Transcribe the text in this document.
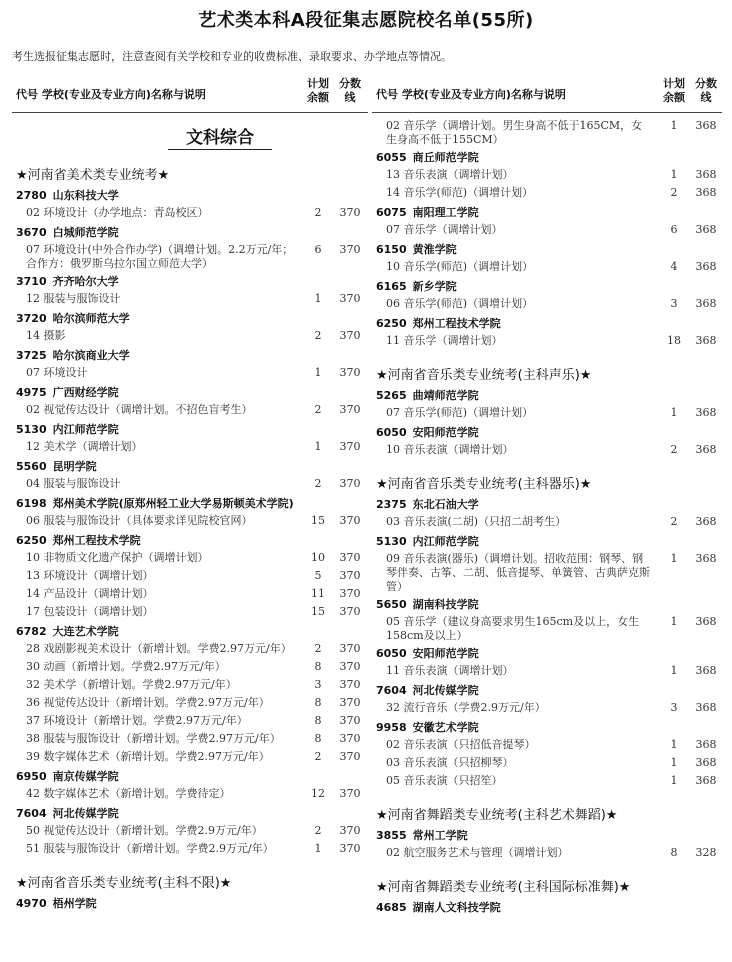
艺术类本科A段征集志愿院校名单(55所)
考生选报征集志愿时，注意查阅有关学校和专业的收费标准、录取要求、办学地点等情况。
代号 学校(专业及专业方向)名称与说明
计划
余额
分数
线
文科综合
★河南省美术类专业统考★
2780 山东科技大学
02 环境设计（办学地点：青岛校区）	2	370
3670 白城师范学院
07 环境设计(中外合作办学)（调增计划。2.2万元/年；合作方：俄罗斯乌拉尔国立师范大学）
6	370
3710 齐齐哈尔大学
12 服装与服饰设计	1	370
3720 哈尔滨师范大学
14 摄影	2	370
3725 哈尔滨商业大学
07 环境设计	1	370
4975 广西财经学院
02 视觉传达设计（调增计划。不招色盲考生）	2	370
5130 内江师范学院
12 美术学（调增计划）	1	370
5560 昆明学院
04 服装与服饰设计	2	370
6198 郑州美术学院(原郑州轻工业大学易斯顿美术学院)
06 服装与服饰设计（具体要求详见院校官网）	15	370
6250 郑州工程技术学院
10 非物质文化遗产保护（调增计划）	10	370
13 环境设计（调增计划）	5	370
14 产品设计（调增计划）	11	370
17 包装设计（调增计划）	15	370
6782 大连艺术学院
28 戏剧影视美术设计（新增计划。学费2.97万元/年）	2	370
30 动画（新增计划。学费2.97万元/年）	8	370
32 美术学（新增计划。学费2.97万元/年）	3	370
36 视觉传达设计（新增计划。学费2.97万元/年）	8	370
37 环境设计（新增计划。学费2.97万元/年）	8	370
38 服装与服饰设计（新增计划。学费2.97万元/年）	8	370
39 数字媒体艺术（新增计划。学费2.97万元/年）	2	370
6950 南京传媒学院
42 数字媒体艺术（新增计划。学费待定）	12	370
7604 河北传媒学院
50 视觉传达设计（新增计划。学费2.9万元/年）	2	370
51 服装与服饰设计（新增计划。学费2.9万元/年）	1	370
★河南省音乐类专业统考(主科不限)★
4970 梧州学院
代号 学校(专业及专业方向)名称与说明
计划
余额
分数
线
02 音乐学（调增计划。男生身高不低于165CM，女生身高不低于155CM）
1	368
6055 商丘师范学院
13 音乐表演（调增计划）	1	368
14 音乐学(师范)（调增计划）	2	368
6075 南阳理工学院
07 音乐学（调增计划）	6	368
6150 黄淮学院
10 音乐学(师范)（调增计划）	4	368
6165 新乡学院
06 音乐学(师范)（调增计划）	3	368
6250 郑州工程技术学院
11 音乐学（调增计划）	18	368
★河南省音乐类专业统考(主科声乐)★
5265 曲靖师范学院
07 音乐学(师范)（调增计划）	1	368
6050 安阳师范学院
10 音乐表演（调增计划）	2	368
★河南省音乐类专业统考(主科器乐)★
2375 东北石油大学
03 音乐表演(二胡)（只招二胡考生）	2	368
5130 内江师范学院
09 音乐表演(器乐)（调增计划。招收范围：钢琴、钢琴伴奏、古筝、二胡、低音提琴、单簧管、古典萨克斯管）
1	368
5650 湖南科技学院
05 音乐学（建议身高要求男生165cm及以上，女生158cm及以上）
1	368
6050 安阳师范学院
11 音乐表演（调增计划）	1	368
7604 河北传媒学院
32 流行音乐（学费2.9万元/年）	3	368
9958 安徽艺术学院
02 音乐表演（只招低音提琴）	1	368
03 音乐表演（只招柳琴）	1	368
05 音乐表演（只招笙）	1	368
★河南省舞蹈类专业统考(主科艺术舞蹈)★
3855 常州工学院
02 航空服务艺术与管理（调增计划）	8	328
★河南省舞蹈类专业统考(主科国际标准舞)★
4685 湖南人文科技学院
